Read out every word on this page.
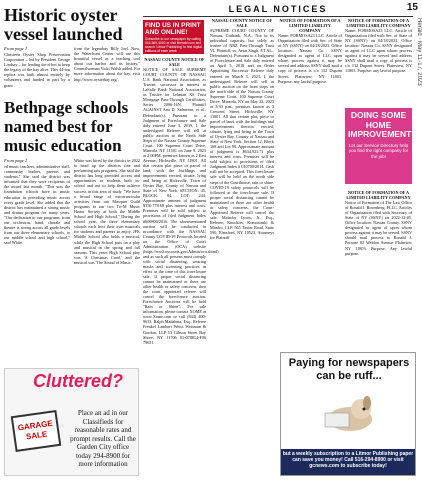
15
Herald · May 11-17, 2023
LEGAL NOTICES
Historic oyster vessel launched
From page 1
Christeen Oyster Shop Preservation Corporation – led by President George Lindsay – for leading the effort to keep the legacy of the bay alive. This 44-ton replica was built almost entirely by volunteers and funded in part by a grant
from the legendary Billy Joel. Now, the Waterfront Center will use this beautiful vessel as a teaching tool about our harbor and its history," Councilwoman Vicki Walsh added. For more information about the bay, visit http://www.oysterbay.org/.
Bethpage schools named best for music education
From page 1
ed music teachers, administrative staff, community leaders, parents and students." She said the district was informed that they were recipients of the award last month. "This was the foundation schools have in music education in providing music across every grade level. She added that the district has maintained a strong music and drama program for many years. "Our dedication to our programs, from our orchestras, band, chorale and theatre is strong across all grade levels from our three elementary schools, to our middle school and high school," said White.
White was hired by the district in 2022 to head up the districts fine and performing arts programs. She said the district has long provided access and opportunities to students both in-school and out to help them achieve success in this area of study. "We have a broad range of extracurricular activities from our Masques Guild programs to our two Tri-M Music Honor Society at both the Middle School and High School." During the school year, the three elementary schools each host their own musicals for students and parents to enjoy. JFK Middle School also holds a musical, while the High School puts on a play and musical in the spring and fall seasons. This years High School play was 'A Christmas Carol,' and the musical was 'The Sound of Music.'
Cluttered?
GARAGE SALE
Place an ad in our Classifieds for reasonable rates and prompt results. Call the Garden City office today 294-8900 for more information
FIND US IN PRINT AND ONLINE!
Subscribe to our newspaper by calling 516-569-4000 or visit liherald.com and search 'Litmor Publishing' to find digital editions of each week
NASSAU COUNTY NOTICE OF SALE
NOTICE OF SALE SUPREME COURT COUNTY OF NASSAU U.S. Bank National Association, as Trustee, successor in interest to LaSalle Bank National Association, as Trustee for Lehman XS Trust Mortgage Pass-Through Certificates, Series 2006-16N, Plaintiff AGAINST Ana D. Salmeron, et al., Defendant(s). Pursuant to a Judgment of Foreclosure and Sale duly entered June 5, 2019, I, the undersigned Referee will sell at public auction at the North Side Steps of the Nassau County Supreme Court, 100 Supreme Court Drive, Mineola, NY 11501 on June 9, 2023 at 2:00PM, premises known as 2 East Avenue, Hicksville, NY 11801. All that certain plot piece or parcel of land, with the buildings and improvements erected, situate, lying and being at Hicksville, Town of Oyster Bay, County of Nassau and State of New York, SECTION: 45, BLOCK: 84, LOT: 244. Approximate amount of judgment $550,778.68 plus interest and costs. Premises will be sold subject to provisions of filed Judgment Index #600800/2016. The aforementioned auction will be conducted in accordance with the NASSAU County COVID-19 Protocols located on the Office of Court Administration (OCA) website (https://ww2.nycourts.gov/Admin/oca.shtml) and as such all persons must comply with social distancing, wearing masks and screening practices in effect at the time of this foreclosure sale. If proper social distancing cannot be maintained or there are other health or safety concerns, then the court appointed referee will cancel the foreclosure auction. Foreclosure Auctions will be held "Rain or Shine". For sale information, please contact XOME at www.Xome.com or call (844) 400-9633. Ralph Madalena, Esq., Referee Frenkel Lambert Weiss Weisman & Gordon, LLP 53 Gibson Street Bay Shore, NY 11706 01-078814-F00 79651
NASSAU COUNTY NOTICE OF SALE
SUPREME COURT COUNTY OF Nassau, Citibank, N.A., Not in its individual capacity, but solely as trustee of NRZ Pass-Through Trust VI, Plaintiff, vs. Avtar Singh, ET AL., Defendant(s). Pursuant to a Judgment of Foreclosure and Sale duly entered on April 5, 2018 and an Order Appointing Successor Referee duly entered on March 3, 2023, I, the undersigned Referee will sell at public auction on the front steps on the north side of the Nassau County Supreme Court, 100 Supreme Court Drive, Mineola, NY on May 22, 2023 at 3:30 p.m., premises known as 3 Crescent Street, Hicksville, NY 11801. All that certain plot, piece or parcel of land, with the buildings and improvements thereon erected, situate, lying and being in the Town of Oyster Bay, County of Nassau and State of New York, Section 12, Block 168 and Lot 90. Approximate amount of judgment is $634,923.71 plus interest and costs. Premises will be sold subject to provisions of filed Judgment Index # 010700/2014. Cash will not be accepted. This foreclosure sale will be held on the north side steps of the Courthouse, rain or shine. COVID-19 safety protocols will be followed at the foreclosure sale. If proper social distancing cannot be maintained or there are other health or safety concerns, the Court-Appointed Referee will cancel the sale. Malachy Lyons, Jr., Esq., Referee, Knuckles, Komosinski & Manfro, LLP, 565 Taxter Road, Suite 590, Elmsford, NY 10523, Attorneys for Plaintiff
NOTICE OF FORMATION OF A LIMITED LIABILITY COMPANY
Name: FORMOSA23 LLC. Article of Organization filed with Sec. of State of NY (SSNY) on 04/18/2023. Office location: Nassau Co. SSNY designated as agent of LLC upon whom process against it may be served and address SSNY shall mail a copy of process is c/o 132 Dupont Street, Plainview, NY 11803. Purpose: any lawful purpose.
NOTICE OF FORMATION OF A LIMITED LIABILITY COMPANY
Name: FORMOSA23 LLC. Article of Organization filed with Sec. of State of NY (SSNY) on 04/18/2023. Office location: Nassau Co. SSNY designated as agent of LLC upon whom process against it may be served and address SSNY shall mail a copy of process is c/o 132 Dupont Street, Plainview, NY 11803. Purpose: any lawful purpose.
NOTICE OF FORMATION OF A LIMITED LIABILITY COMPANY
Notice of Formation of The Law Office of Ronald J. Rosenberg, PLLC. Articles of Organization filed with Secretary of State of NY (SSNY) on 2022-12-05. Office location: Nassau County. SSNY designated as agent of upon whom process against it may be served. SSNY should mail process to Ronald J. Perrone 82 Weldon Avenue Plainview NY 11803. Purpose: Any lawful purpose.
DOING SOME HOME IMPROVEMENT?
Let our Service Directory help you find the right company for the job!
Paying for newspapers can be ruff...
but a weekly subscription to a Litmor Publishing paper can save you money! Call 516-294-8900 or visit gcnews.com to subscribe today!
